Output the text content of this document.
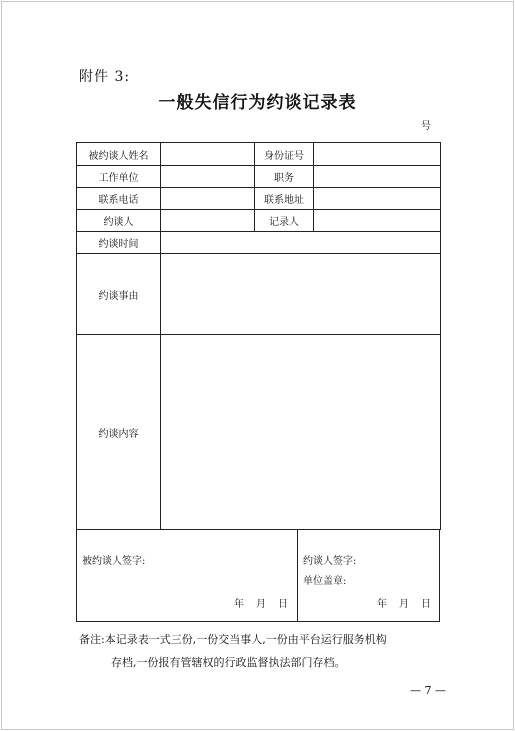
附件 3:
一般失信行为约谈记录表
号
被约谈人姓名		身份证号	
工作单位		职务	
联系电话		联系地址	
约谈人		记录人	
约谈时间			
约谈事由			
约谈内容			
被约谈人签字:
年　月　日
约谈人签字:
单位盖章:
年　月　日
备注:本记录表一式三份,一份交当事人,一份由平台运行服务机构
存档,一份报有管辖权的行政监督执法部门存档。
— 7 —
